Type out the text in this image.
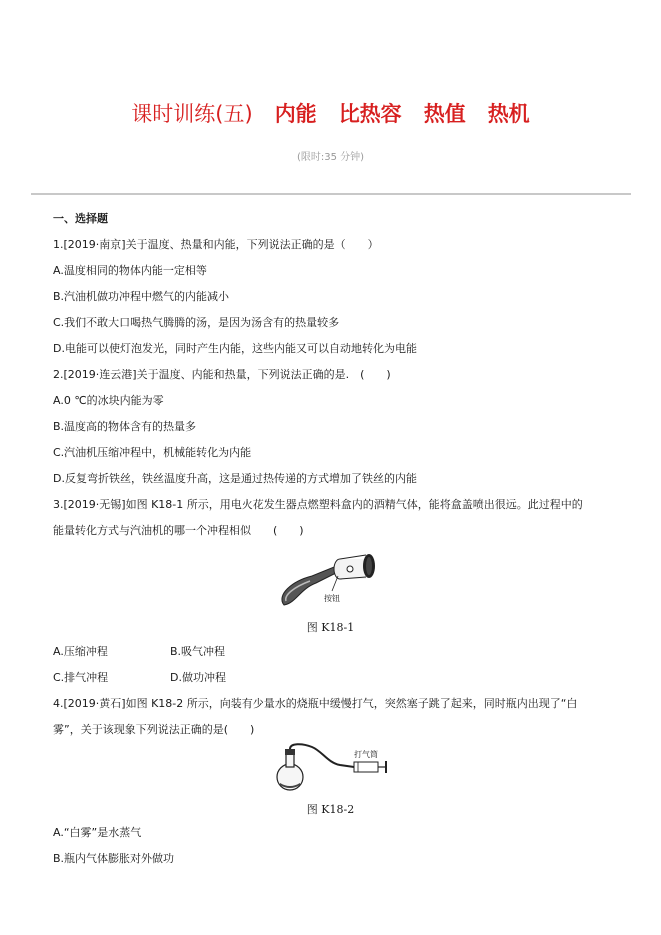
课时训练(五) 内能 比热容 热值 热机
(限时:35 分钟)
一、选择题
1.[2019·南京]关于温度、热量和内能，下列说法正确的是（　　）
A.温度相同的物体内能一定相等
B.汽油机做功冲程中燃气的内能减小
C.我们不敢大口喝热气腾腾的汤，是因为汤含有的热量较多
D.电能可以使灯泡发光，同时产生内能，这些内能又可以自动地转化为电能
2.[2019·连云港]关于温度、内能和热量，下列说法正确的是.　(　　)
A.0 ℃的冰块内能为零
B.温度高的物体含有的热量多
C.汽油机压缩冲程中，机械能转化为内能
D.反复弯折铁丝，铁丝温度升高，这是通过热传递的方式增加了铁丝的内能
3.[2019·无锡]如图 K18-1 所示，用电火花发生器点燃塑料盒内的酒精气体，能将盒盖喷出很远。此过程中的
能量转化方式与汽油机的哪一个冲程相似　　(　　)
按钮
图 K18-1
A.压缩冲程	B.吸气冲程
C.排气冲程	D.做功冲程
4.[2019·黄石]如图 K18-2 所示，向装有少量水的烧瓶中缓慢打气，突然塞子跳了起来，同时瓶内出现了“白
雾”，关于该现象下列说法正确的是(　　)
打气筒
图 K18-2
A.“白雾”是水蒸气
B.瓶内气体膨胀对外做功
